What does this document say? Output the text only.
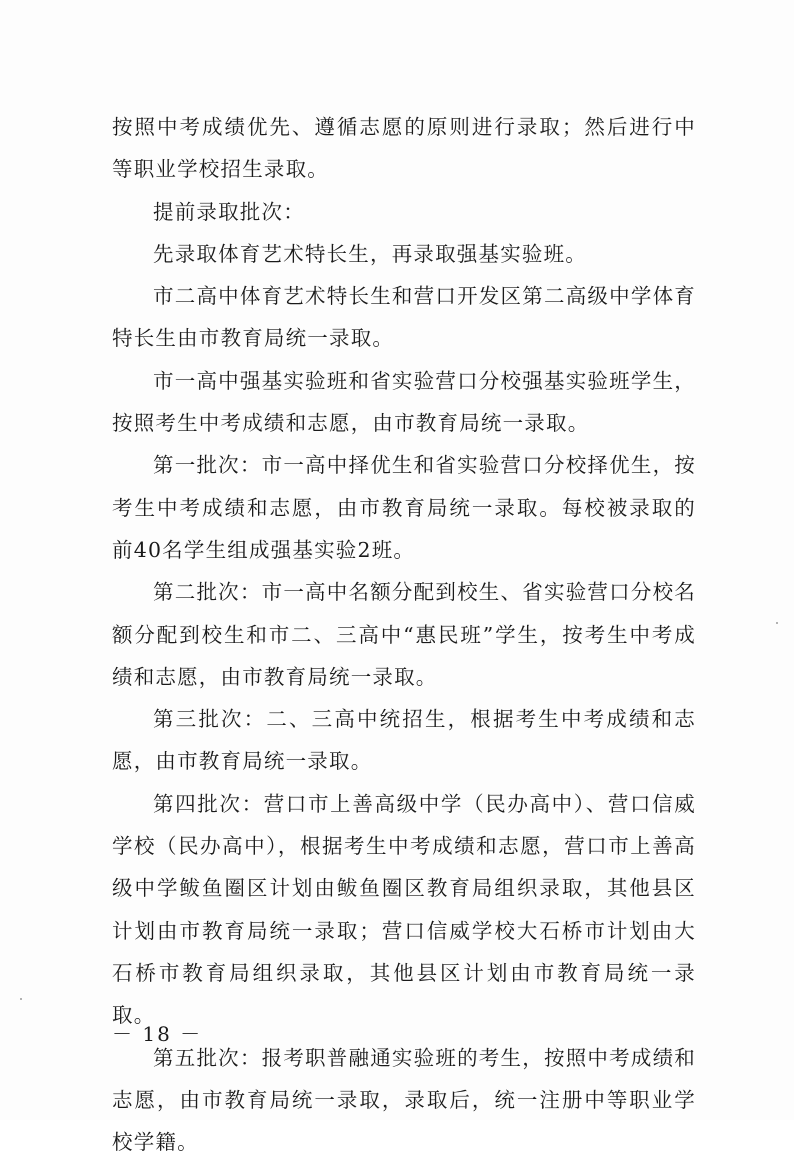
按照中考成绩优先、遵循志愿的原则进行录取；然后进行中等职业学校招生录取。

提前录取批次：

先录取体育艺术特长生，再录取强基实验班。

市二高中体育艺术特长生和营口开发区第二高级中学体育特长生由市教育局统一录取。

市一高中强基实验班和省实验营口分校强基实验班学生，按照考生中考成绩和志愿，由市教育局统一录取。

第一批次：市一高中择优生和省实验营口分校择优生，按考生中考成绩和志愿，由市教育局统一录取。每校被录取的前40名学生组成强基实验2班。

第二批次：市一高中名额分配到校生、省实验营口分校名额分配到校生和市二、三高中“惠民班”学生，按考生中考成绩和志愿，由市教育局统一录取。

第三批次：二、三高中统招生，根据考生中考成绩和志愿，由市教育局统一录取。

第四批次：营口市上善高级中学（民办高中）、营口信威学校（民办高中），根据考生中考成绩和志愿，营口市上善高级中学鲅鱼圈区计划由鲅鱼圈区教育局组织录取，其他县区计划由市教育局统一录取；营口信威学校大石桥市计划由大石桥市教育局组织录取，其他县区计划由市教育局统一录取。

第五批次：报考职普融通实验班的考生，按照中考成绩和志愿，由市教育局统一录取，录取后，统一注册中等职业学校学籍。

－ 18 －
